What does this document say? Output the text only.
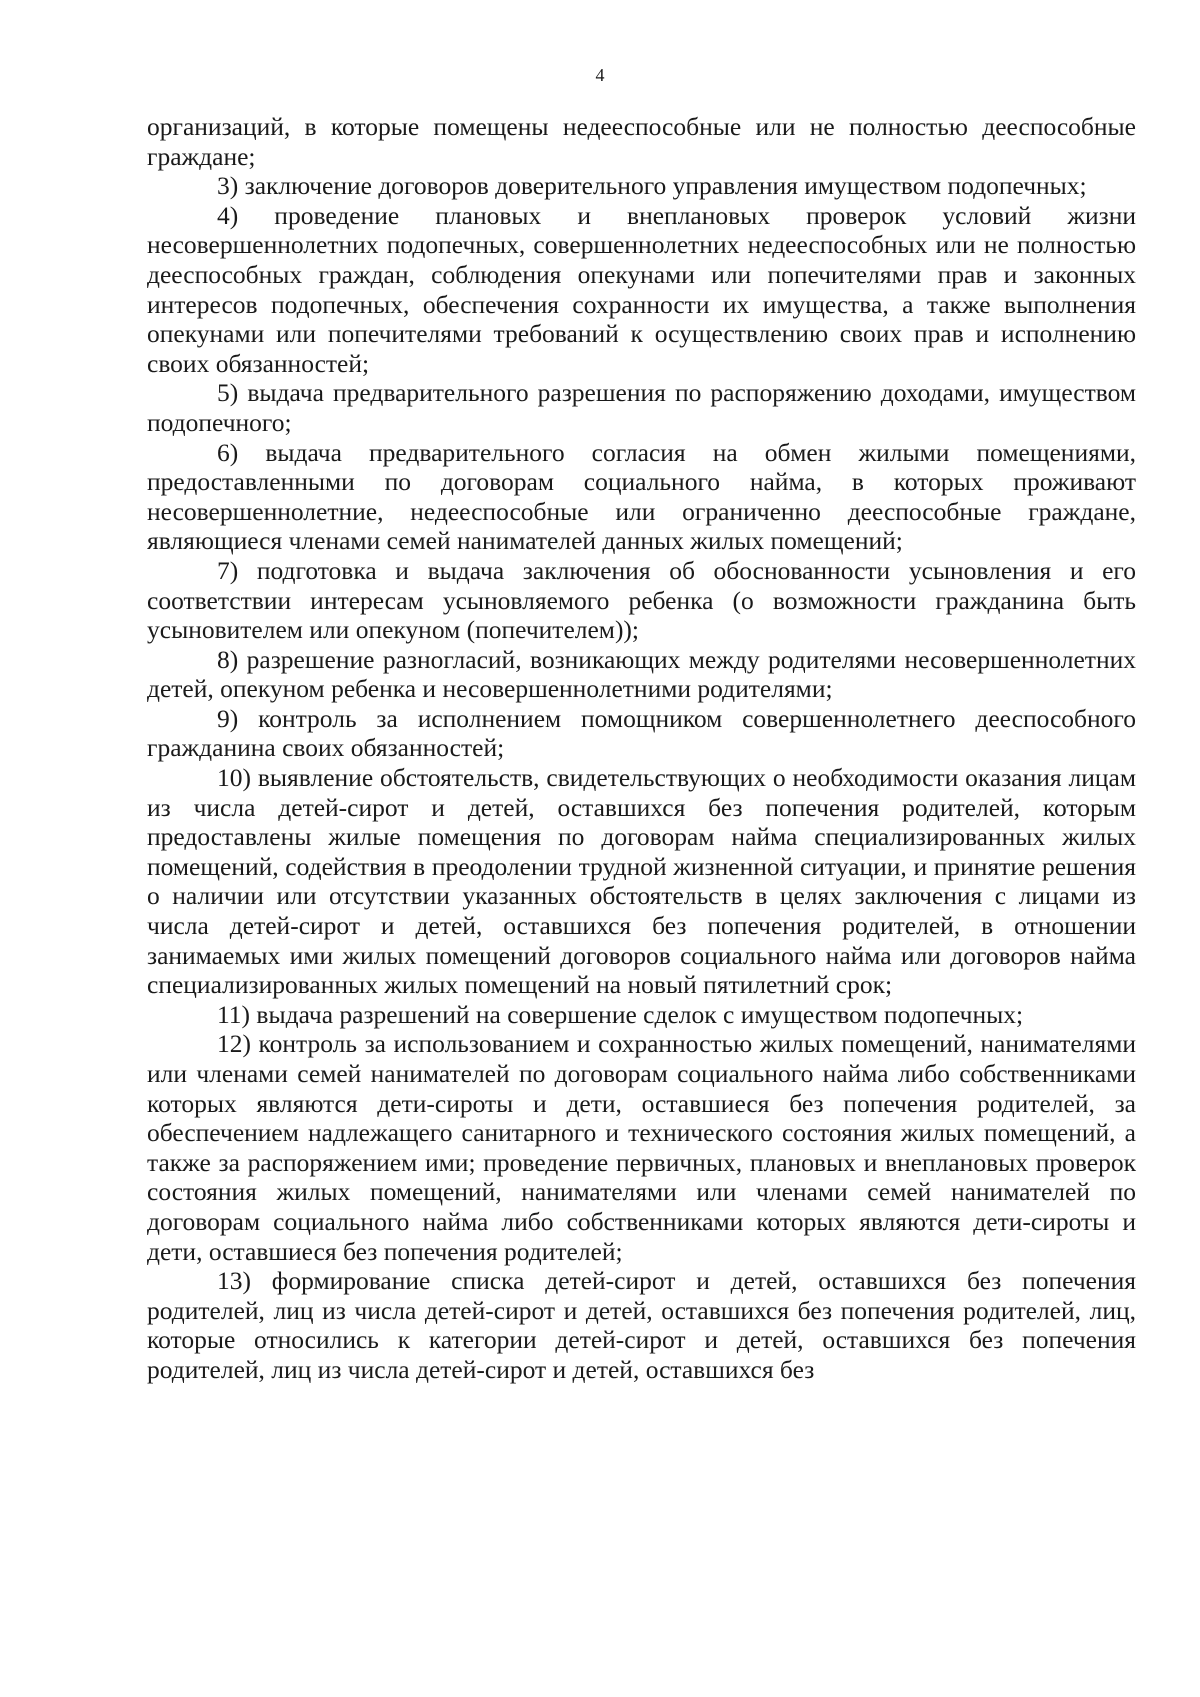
4

организаций, в которые помещены недееспособные или не полностью дееспособные граждане;

3) заключение договоров доверительного управления имуществом подопечных;

4) проведение плановых и внеплановых проверок условий жизни несовершеннолетних подопечных, совершеннолетних недееспособных или не полностью дееспособных граждан, соблюдения опекунами или попечителями прав и законных интересов подопечных, обеспечения сохранности их имущества, а также выполнения опекунами или попечителями требований к осуществлению своих прав и исполнению своих обязанностей;

5) выдача предварительного разрешения по распоряжению доходами, имуществом подопечного;

6) выдача предварительного согласия на обмен жилыми помещениями, предоставленными по договорам социального найма, в которых проживают несовершеннолетние, недееспособные или ограниченно дееспособные граждане, являющиеся членами семей нанимателей данных жилых помещений;

7) подготовка и выдача заключения об обоснованности усыновления и его соответствии интересам усыновляемого ребенка (о возможности гражданина быть усыновителем или опекуном (попечителем));

8) разрешение разногласий, возникающих между родителями несовершеннолетних детей, опекуном ребенка и несовершеннолетними родителями;

9) контроль за исполнением помощником совершеннолетнего дееспособного гражданина своих обязанностей;

10) выявление обстоятельств, свидетельствующих о необходимости оказания лицам из числа детей-сирот и детей, оставшихся без попечения родителей, которым предоставлены жилые помещения по договорам найма специализированных жилых помещений, содействия в преодолении трудной жизненной ситуации, и принятие решения о наличии или отсутствии указанных обстоятельств в целях заключения с лицами из числа детей-сирот и детей, оставшихся без попечения родителей, в отношении занимаемых ими жилых помещений договоров социального найма или договоров найма специализированных жилых помещений на новый пятилетний срок;

11) выдача разрешений на совершение сделок с имуществом подопечных;

12) контроль за использованием и сохранностью жилых помещений, нанимателями или членами семей нанимателей по договорам социального найма либо собственниками которых являются дети-сироты и дети, оставшиеся без попечения родителей, за обеспечением надлежащего санитарного и технического состояния жилых помещений, а также за распоряжением ими; проведение первичных, плановых и внеплановых проверок состояния жилых помещений, нанимателями или членами семей нанимателей по договорам социального найма либо собственниками которых являются дети-сироты и дети, оставшиеся без попечения родителей;

13) формирование списка детей-сирот и детей, оставшихся без попечения родителей, лиц из числа детей-сирот и детей, оставшихся без попечения родителей, лиц, которые относились к категории детей-сирот и детей, оставшихся без попечения родителей, лиц из числа детей-сирот и детей, оставшихся без
